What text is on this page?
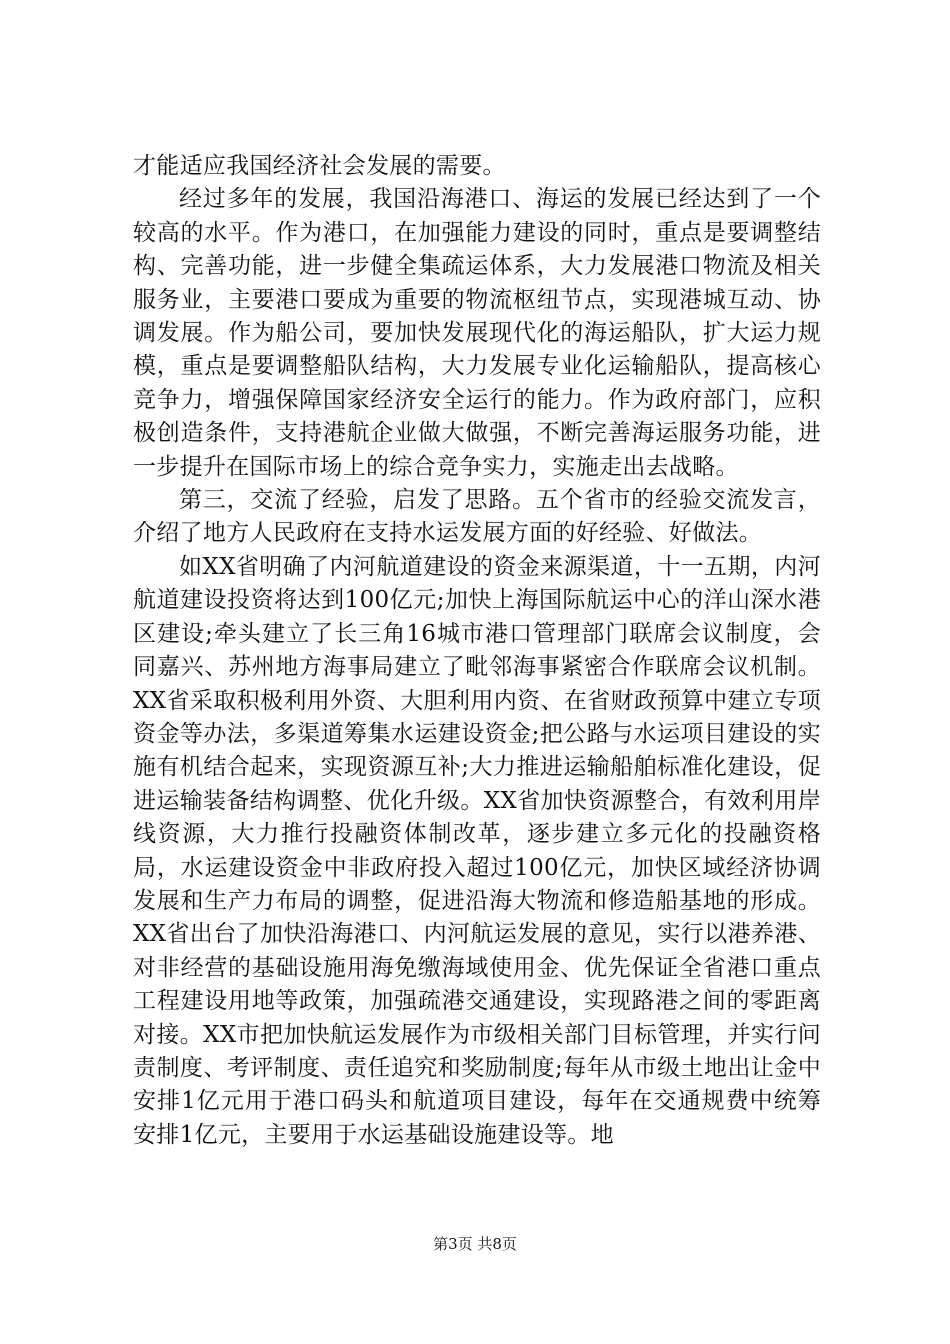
才能适应我国经济社会发展的需要。

经过多年的发展，我国沿海港口、海运的发展已经达到了一个较高的水平。作为港口，在加强能力建设的同时，重点是要调整结构、完善功能，进一步健全集疏运体系，大力发展港口物流及相关服务业，主要港口要成为重要的物流枢纽节点，实现港城互动、协调发展。作为船公司，要加快发展现代化的海运船队，扩大运力规模，重点是要调整船队结构，大力发展专业化运输船队，提高核心竞争力，增强保障国家经济安全运行的能力。作为政府部门，应积极创造条件，支持港航企业做大做强，不断完善海运服务功能，进一步提升在国际市场上的综合竞争实力，实施走出去战略。

第三，交流了经验，启发了思路。五个省市的经验交流发言，介绍了地方人民政府在支持水运发展方面的好经验、好做法。

如XX省明确了内河航道建设的资金来源渠道，十一五期，内河航道建设投资将达到100亿元;加快上海国际航运中心的洋山深水港区建设;牵头建立了长三角16城市港口管理部门联席会议制度，会同嘉兴、苏州地方海事局建立了毗邻海事紧密合作联席会议机制。XX省采取积极利用外资、大胆利用内资、在省财政预算中建立专项资金等办法，多渠道筹集水运建设资金;把公路与水运项目建设的实施有机结合起来，实现资源互补;大力推进运输船舶标准化建设，促进运输装备结构调整、优化升级。XX省加快资源整合，有效利用岸线资源，大力推行投融资体制改革，逐步建立多元化的投融资格局，水运建设资金中非政府投入超过100亿元，加快区域经济协调发展和生产力布局的调整，促进沿海大物流和修造船基地的形成。XX省出台了加快沿海港口、内河航运发展的意见，实行以港养港、对非经营的基础设施用海免缴海域使用金、优先保证全省港口重点工程建设用地等政策，加强疏港交通建设，实现路港之间的零距离对接。XX市把加快航运发展作为市级相关部门目标管理，并实行问责制度、考评制度、责任追究和奖励制度;每年从市级土地出让金中安排1亿元用于港口码头和航道项目建设，每年在交通规费中统筹安排1亿元，主要用于水运基础设施建设等。地

第3页 共8页
